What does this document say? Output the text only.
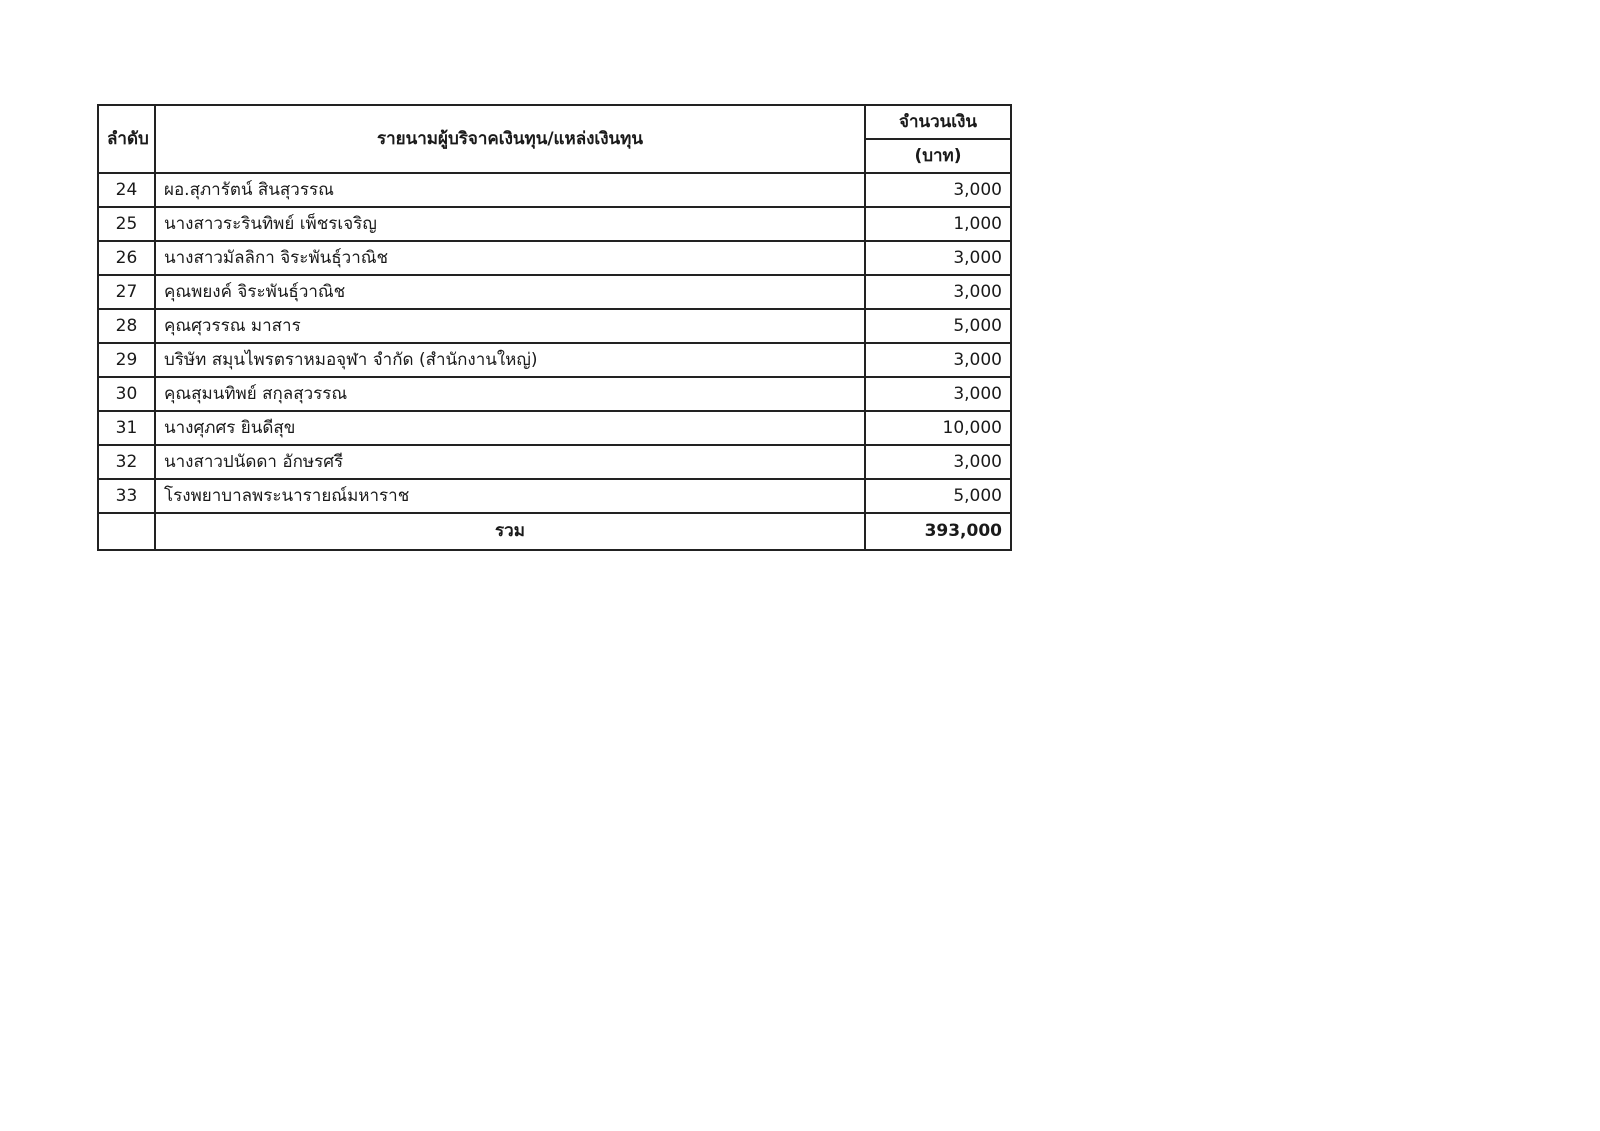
ลำดับ	รายนามผู้บริจาคเงินทุน/แหล่งเงินทุน	จำนวนเงิน
		(บาท)
24	ผอ.สุภารัตน์ สินสุวรรณ	3,000
25	นางสาวระรินทิพย์ เพ็ชรเจริญ	1,000
26	นางสาวมัลลิกา จิระพันธุ์วาณิช	3,000
27	คุณพยงค์ จิระพันธุ์วาณิช	3,000
28	คุณศุวรรณ มาสาร	5,000
29	บริษัท สมุนไพรตราหมอจุฬา จำกัด (สำนักงานใหญ่)	3,000
30	คุณสุมนทิพย์ สกุลสุวรรณ	3,000
31	นางศุภศร ยินดีสุข	10,000
32	นางสาวปนัดดา อักษรศรี	3,000
33	โรงพยาบาลพระนารายณ์มหาราช	5,000
	รวม	393,000
